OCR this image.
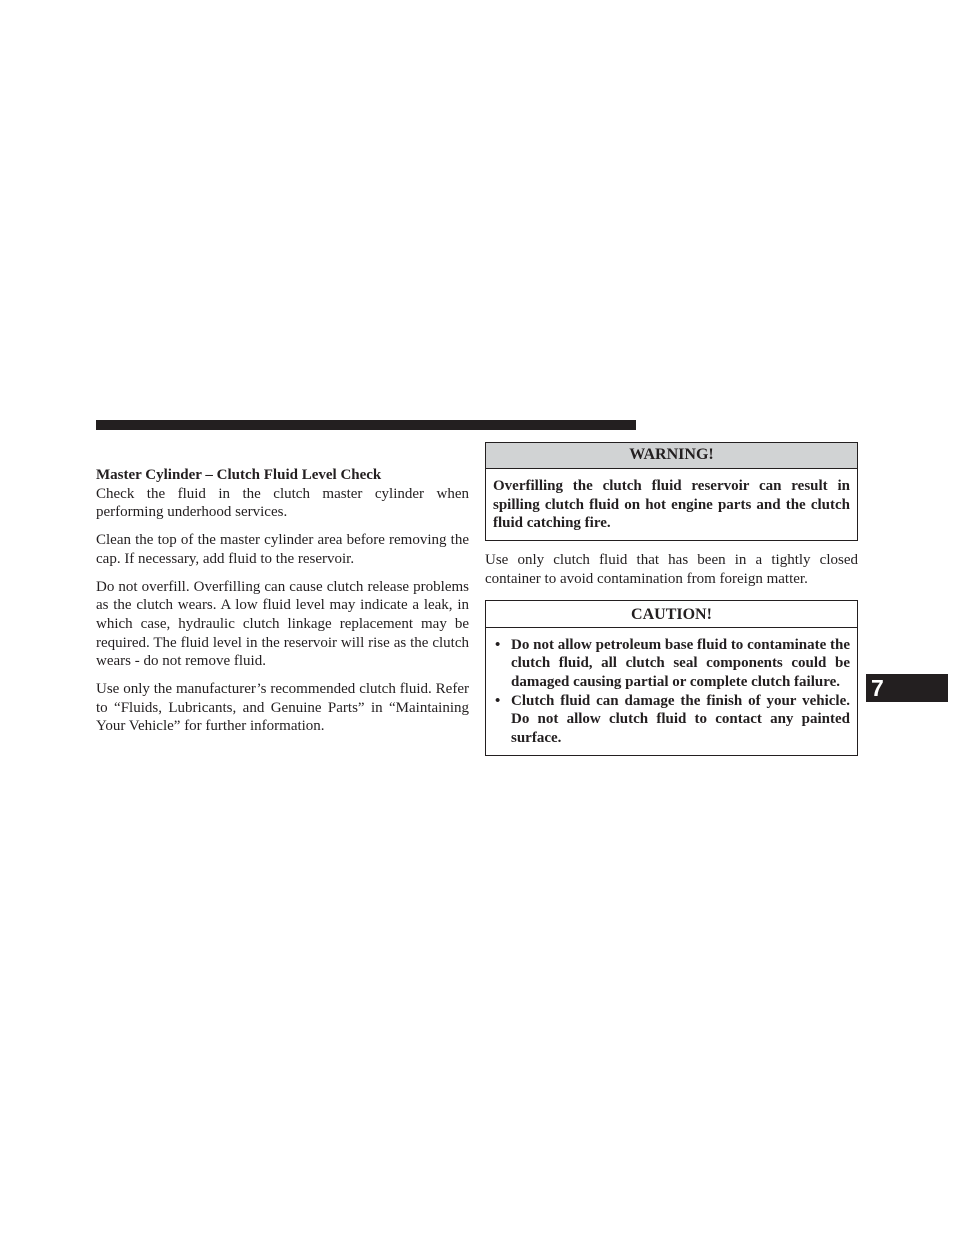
Master Cylinder – Clutch Fluid Level Check

Check the fluid in the clutch master cylinder when performing underhood services.

Clean the top of the master cylinder area before removing the cap. If necessary, add fluid to the reservoir.

Do not overfill. Overfilling can cause clutch release problems as the clutch wears. A low fluid level may indicate a leak, in which case, hydraulic clutch linkage replacement may be required. The fluid level in the reservoir will rise as the clutch wears - do not remove fluid.

Use only the manufacturer’s recommended clutch fluid. Refer to “Fluids, Lubricants, and Genuine Parts” in “Maintaining Your Vehicle” for further information.

WARNING!
Overfilling the clutch fluid reservoir can result in spilling clutch fluid on hot engine parts and the clutch fluid catching fire.

Use only clutch fluid that has been in a tightly closed container to avoid contamination from foreign matter.

CAUTION!
• Do not allow petroleum base fluid to contaminate the clutch fluid, all clutch seal components could be damaged causing partial or complete clutch failure.
• Clutch fluid can damage the finish of your vehicle. Do not allow clutch fluid to contact any painted surface.
7
